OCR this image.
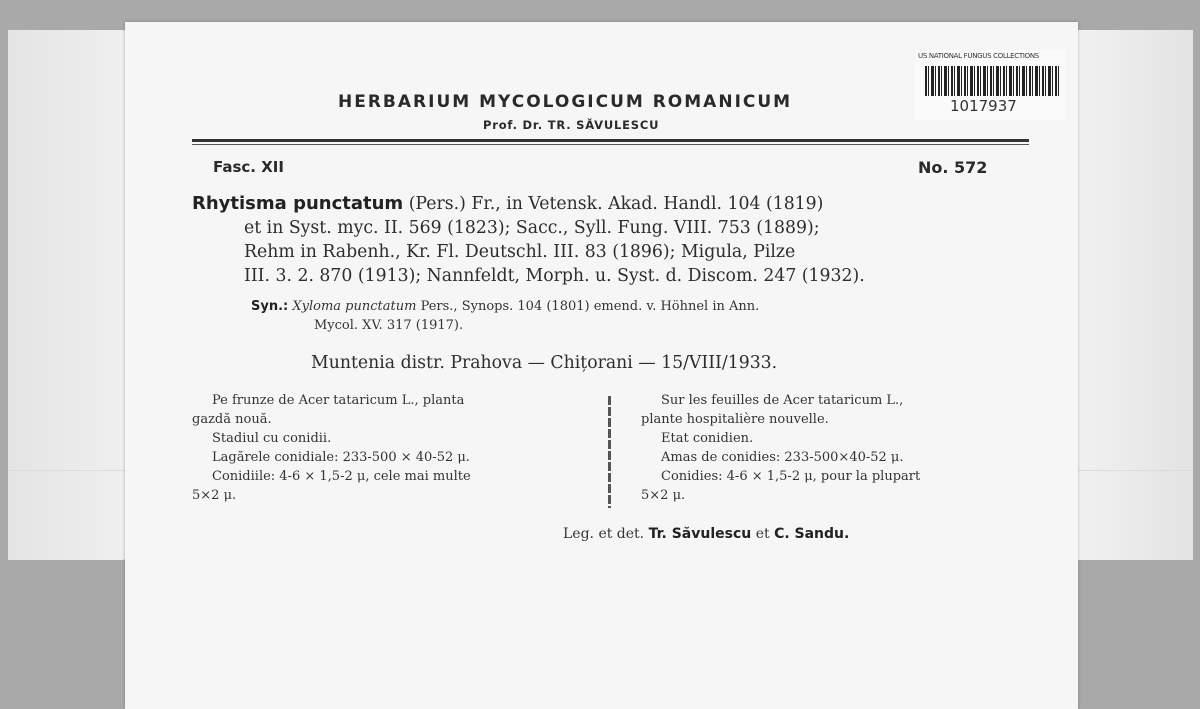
US NATIONAL FUNGUS COLLECTIONS
1017937
HERBARIUM MYCOLOGICUM ROMANICUM
Prof. Dr. TR. SĂVULESCU
Fasc. XII	No. 572
Rhytisma punctatum (Pers.) Fr., in Vetensk. Akad. Handl. 104 (1819)
et in Syst. myc. II. 569 (1823); Sacc., Syll. Fung. VIII. 753 (1889);
Rehm in Rabenh., Kr. Fl. Deutschl. III. 83 (1896); Migula, Pilze
III. 3. 2. 870 (1913); Nannfeldt, Morph. u. Syst. d. Discom. 247 (1932).
Syn.: Xyloma punctatum Pers., Synops. 104 (1801) emend. v. Höhnel in Ann.
Mycol. XV. 317 (1917).
Muntenia distr. Prahova — Chițorani — 15/VIII/1933.
Pe frunze de Acer tataricum L., planta
gazdă nouă.
Stadiul cu conidii.
Lagărele conidiale: 233-500 × 40-52 μ.
Conidiile: 4-6 × 1,5-2 μ, cele mai multe
5×2 μ.
Sur les feuilles de Acer tataricum L.,
plante hospitalière nouvelle.
Etat conidien.
Amas de conidies: 233-500×40-52 μ.
Conidies: 4-6 × 1,5-2 μ, pour la plupart
5×2 μ.
Leg. et det. Tr. Săvulescu et C. Sandu.
